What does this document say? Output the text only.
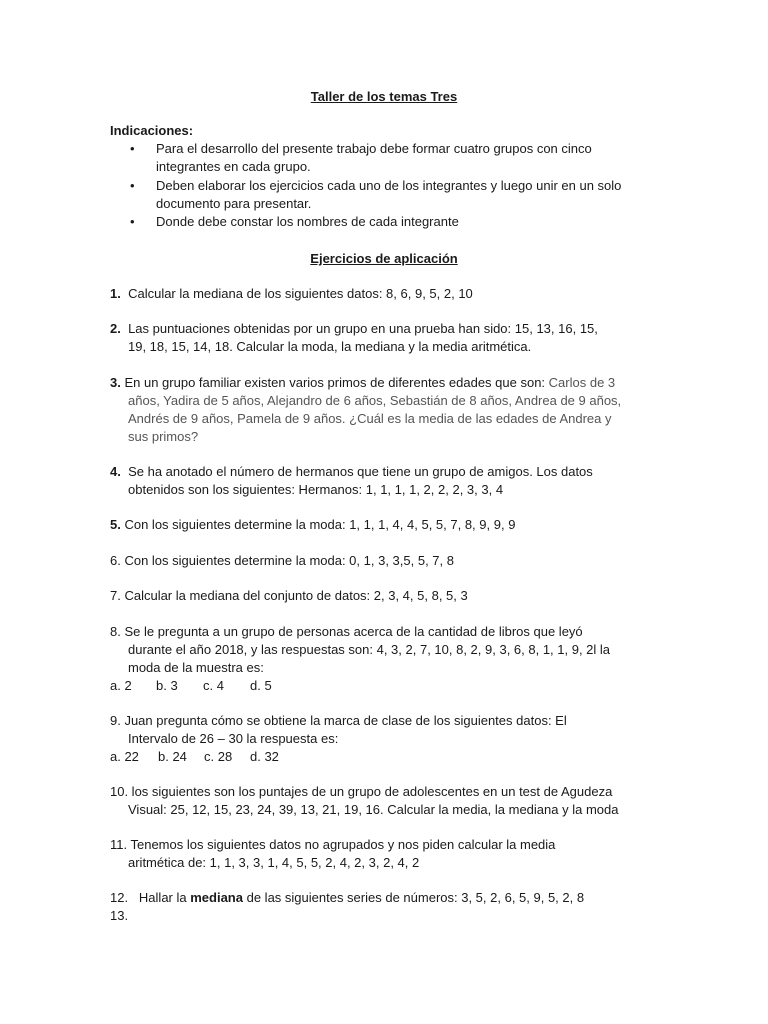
Taller de los temas Tres
Indicaciones:
• Para el desarrollo del presente trabajo debe formar cuatro grupos con cinco
integrantes en cada grupo.
• Deben elaborar los ejercicios cada uno de los integrantes y luego unir en un solo
documento para presentar.
• Donde debe constar los nombres de cada integrante
Ejercicios de aplicación
1. Calcular la mediana de los siguientes datos: 8, 6, 9, 5, 2, 10
2. Las puntuaciones obtenidas por un grupo en una prueba han sido: 15, 13, 16, 15,
19, 18, 15, 14, 18. Calcular la moda, la mediana y la media aritmética.
3. En un grupo familiar existen varios primos de diferentes edades que son: Carlos de 3
años, Yadira de 5 años, Alejandro de 6 años, Sebastián de 8 años, Andrea de 9 años,
Andrés de 9 años, Pamela de 9 años. ¿Cuál es la media de las edades de Andrea y
sus primos?
4. Se ha anotado el número de hermanos que tiene un grupo de amigos. Los datos
obtenidos son los siguientes: Hermanos: 1, 1, 1, 1, 2, 2, 2, 3, 3, 4
5. Con los siguientes determine la moda: 1, 1, 1, 4, 4, 5, 5, 7, 8, 9, 9, 9
6. Con los siguientes determine la moda: 0, 1, 3, 3,5, 5, 7, 8
7. Calcular la mediana del conjunto de datos: 2, 3, 4, 5, 8, 5, 3
8. Se le pregunta a un grupo de personas acerca de la cantidad de libros que leyó
durante el año 2018, y las respuestas son: 4, 3, 2, 7, 10, 8, 2, 9, 3, 6, 8, 1, 1, 9, 2l la
moda de la muestra es:
a. 2 b. 3 c. 4 d. 5
9. Juan pregunta cómo se obtiene la marca de clase de los siguientes datos: El
Intervalo de 26 – 30 la respuesta es:
a. 22 b. 24 c. 28 d. 32
10. los siguientes son los puntajes de un grupo de adolescentes en un test de Agudeza
Visual: 25, 12, 15, 23, 24, 39, 13, 21, 19, 16. Calcular la media, la mediana y la moda
11. Tenemos los siguientes datos no agrupados y nos piden calcular la media
aritmética de: 1, 1, 3, 3, 1, 4, 5, 5, 2, 4, 2, 3, 2, 4, 2
12. Hallar la mediana de las siguientes series de números: 3, 5, 2, 6, 5, 9, 5, 2, 8
13.
